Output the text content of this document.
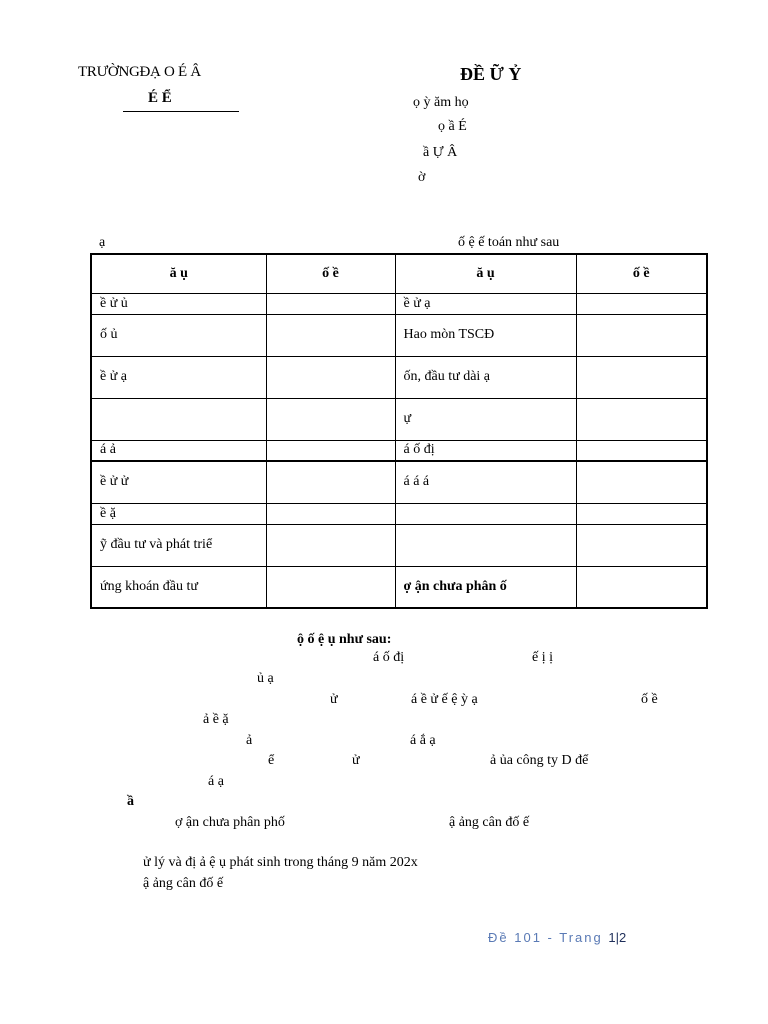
TRƯỜNGĐẠ O É Â
É Ể
ĐỀ Ữ Ỷ
ọ ỳ ăm họ
ọ ầ É
ầ Ự Â
ờ
ạ	ố ệ ế toán như sau
ă ụ	ố ề	ă ụ	ố ề
ề ử ủ		ề ử ạ	
ố ủ		Hao mòn TSCĐ	
ề ử ạ		ốn, đầu tư dài ạ	
		ự	
á ả		á ố đị	
ề ử ử		á á á	
ề ặ			
ỹ đầu tư và phát triể			
ứng khoán đầu tư		ợ ận chưa phân ố	
ộ ố ệ ụ như sau:
á ố đị	ế ị ị
ủ ạ
ử	á ề ử ế ệ ỳ ạ	ố ề
ả ề ặ
ả	á ắ ạ
ể	ử	ả ủa công ty D để
á ạ
ầ
ợ ận chưa phân phố	ậ ảng cân đố ế
ử lý và đị ả ệ ụ phát sinh trong tháng 9 năm 202x
ậ ảng cân đố ế
Đề 101 - Trang 1|2
